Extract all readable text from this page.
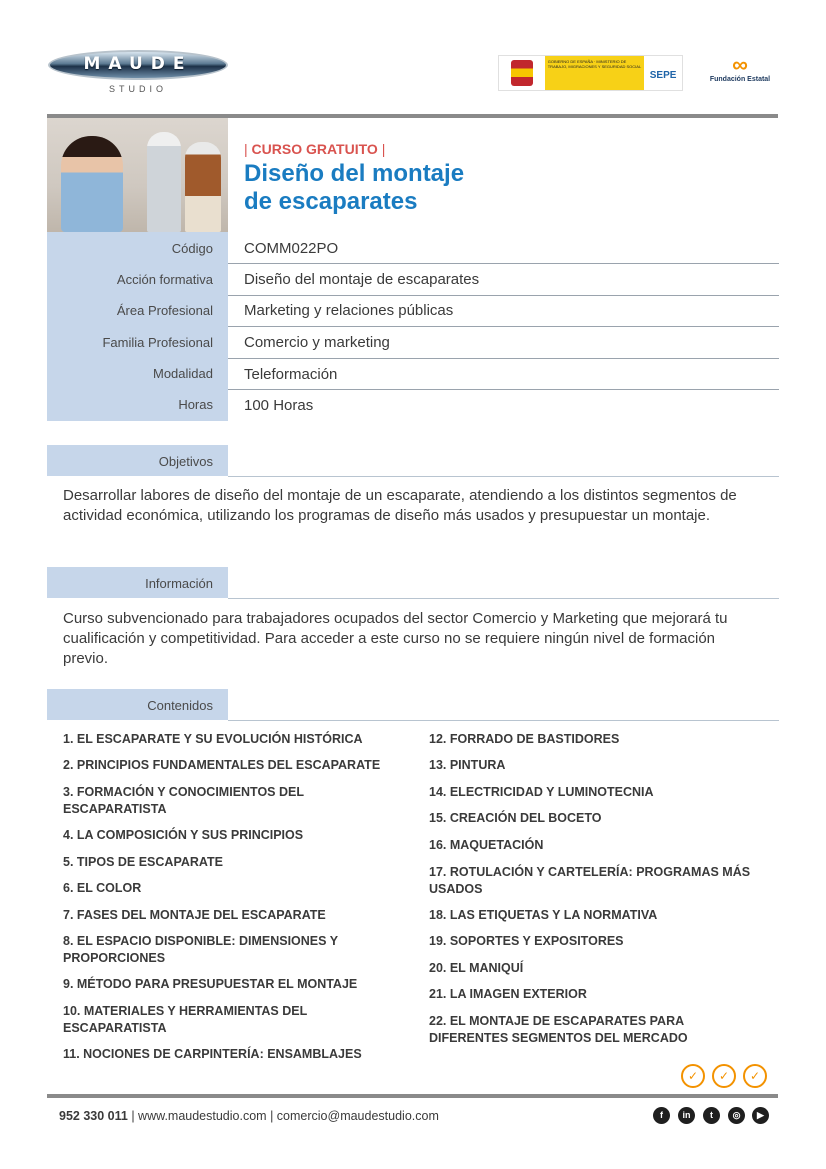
MAUDE
STUDIO
GOBIERNO DE ESPAÑA · MINISTERIO DE TRABAJO, MIGRACIONES Y SEGURIDAD SOCIAL
SEPE	∞
Fundación Estatal
| CURSO GRATUITO |
Diseño del montaje
de escaparates
Código COMM022PO
Acción formativa Diseño del montaje de escaparates
Área Profesional Marketing y relaciones públicas
Familia Profesional Comercio y marketing
Modalidad Teleformación
Horas 100 Horas
Objetivos
Desarrollar labores de diseño del montaje de un escaparate, atendiendo a los distintos segmentos de actividad económica, utilizando los programas de diseño más usados y presupuestar un montaje.
Información
Curso subvencionado para trabajadores ocupados del sector Comercio y Marketing que mejorará tu cualificación y competitividad. Para acceder a este curso no se requiere ningún nivel de formación previo.
Contenidos
1. EL ESCAPARATE Y SU EVOLUCIÓN HISTÓRICA
2. PRINCIPIOS FUNDAMENTALES DEL ESCAPARATE
3. FORMACIÓN Y CONOCIMIENTOS DEL ESCAPARATISTA
4. LA COMPOSICIÓN Y SUS PRINCIPIOS
5. TIPOS DE ESCAPARATE
6. EL COLOR
7. FASES DEL MONTAJE DEL ESCAPARATE
8. EL ESPACIO DISPONIBLE: DIMENSIONES Y PROPORCIONES
9. MÉTODO PARA PRESUPUESTAR EL MONTAJE
10. MATERIALES Y HERRAMIENTAS DEL ESCAPARATISTA
11. NOCIONES DE CARPINTERÍA: ENSAMBLAJES
12. FORRADO DE BASTIDORES
13. PINTURA
14. ELECTRICIDAD Y LUMINOTECNIA
15. CREACIÓN DEL BOCETO
16. MAQUETACIÓN
17. ROTULACIÓN Y CARTELERÍA: PROGRAMAS MÁS USADOS
18. LAS ETIQUETAS Y LA NORMATIVA
19. SOPORTES Y EXPOSITORES
20. EL MANIQUÍ
21. LA IMAGEN EXTERIOR
22. EL MONTAJE DE ESCAPARATES PARA DIFERENTES SEGMENTOS DEL MERCADO
✓	✓	✓
952 330 011 | www.maudestudio.com | comercio@maudestudio.com	f	in	t	◎	▶
